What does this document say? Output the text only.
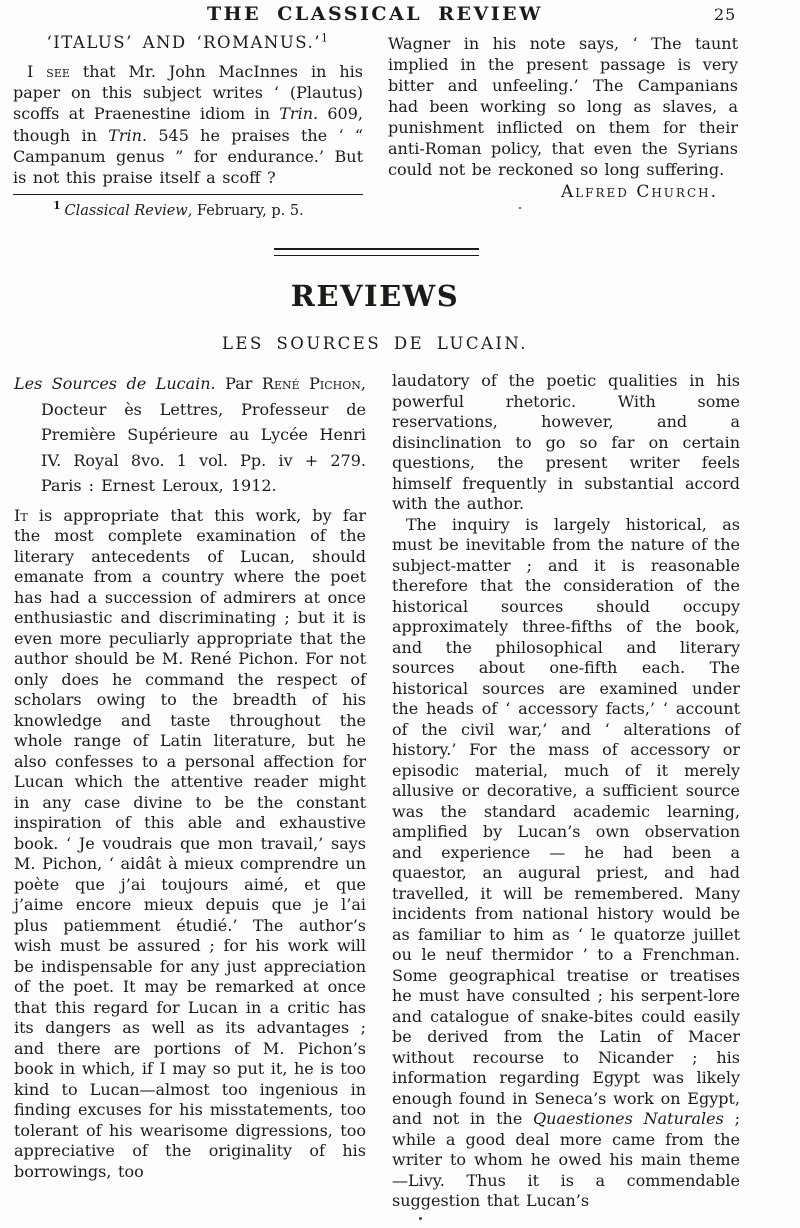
THE CLASSICAL REVIEW	25
‘ITALUS’ AND ‘ROMANUS.’$^1$

I see that Mr. John MacInnes in his paper on this subject writes ‘ (Plautus) scoffs at Praenestine idiom in Trin. 609, though in Trin. 545 he praises the ‘ “ Campanum genus ” for endurance.’ But is not this praise itself a scoff ?

$^1$ Classical Review, February, p. 5.

Wagner in his note says, ‘ The taunt implied in the present passage is very bitter and unfeeling.’ The Campanians had been working so long as slaves, a punishment inflicted on them for their anti-Roman policy, that even the Syrians could not be reckoned so long suffering.

Alfred Church.

REVIEWS
LES SOURCES DE LUCAIN.

Les Sources de Lucain. Par René Pichon, Docteur ès Lettres, Professeur de Première Supérieure au Lycée Henri IV. Royal 8vo. 1 vol. Pp. iv + 279. Paris : Ernest Leroux, 1912.

It is appropriate that this work, by far the most complete examination of the literary antecedents of Lucan, should emanate from a country where the poet has had a succession of admirers at once enthusiastic and discriminating ; but it is even more peculiarly appropriate that the author should be M. René Pichon. For not only does he command the respect of scholars owing to the breadth of his knowledge and taste throughout the whole range of Latin literature, but he also confesses to a personal affection for Lucan which the attentive reader might in any case divine to be the constant inspiration of this able and exhaustive book. ‘ Je voudrais que mon travail,’ says M. Pichon, ‘ aidât à mieux comprendre un poète que j’ai toujours aimé, et que j’aime encore mieux depuis que je l’ai plus patiemment étudié.’ The author’s wish must be assured ; for his work will be indispensable for any just appreciation of the poet. It may be remarked at once that this regard for Lucan in a critic has its dangers as well as its advantages ; and there are portions of M. Pichon’s book in which, if I may so put it, he is too kind to Lucan—almost too ingenious in finding excuses for his misstatements, too tolerant of his wearisome digressions, too appreciative of the originality of his borrowings, too

laudatory of the poetic qualities in his powerful rhetoric. With some reservations, however, and a disinclination to go so far on certain questions, the present writer feels himself frequently in substantial accord with the author.

The inquiry is largely historical, as must be inevitable from the nature of the subject-matter ; and it is reasonable therefore that the consideration of the historical sources should occupy approximately three-fifths of the book, and the philosophical and literary sources about one-fifth each. The historical sources are examined under the heads of ‘ accessory facts,’ ‘ account of the civil war,’ and ‘ alterations of history.’ For the mass of accessory or episodic material, much of it merely allusive or decorative, a sufficient source was the standard academic learning, amplified by Lucan’s own observation and experience — he had been a quaestor, an augural priest, and had travelled, it will be remembered. Many incidents from national history would be as familiar to him as ‘ le quatorze juillet ou le neuf thermidor ’ to a Frenchman. Some geographical treatise or treatises he must have consulted ; his serpent-lore and catalogue of snake-bites could easily be derived from the Latin of Macer without recourse to Nicander ; his information regarding Egypt was likely enough found in Seneca’s work on Egypt, and not in the Quaestiones Naturales ; while a good deal more came from the writer to whom he owed his main theme—Livy. Thus it is a commendable suggestion that Lucan’s
